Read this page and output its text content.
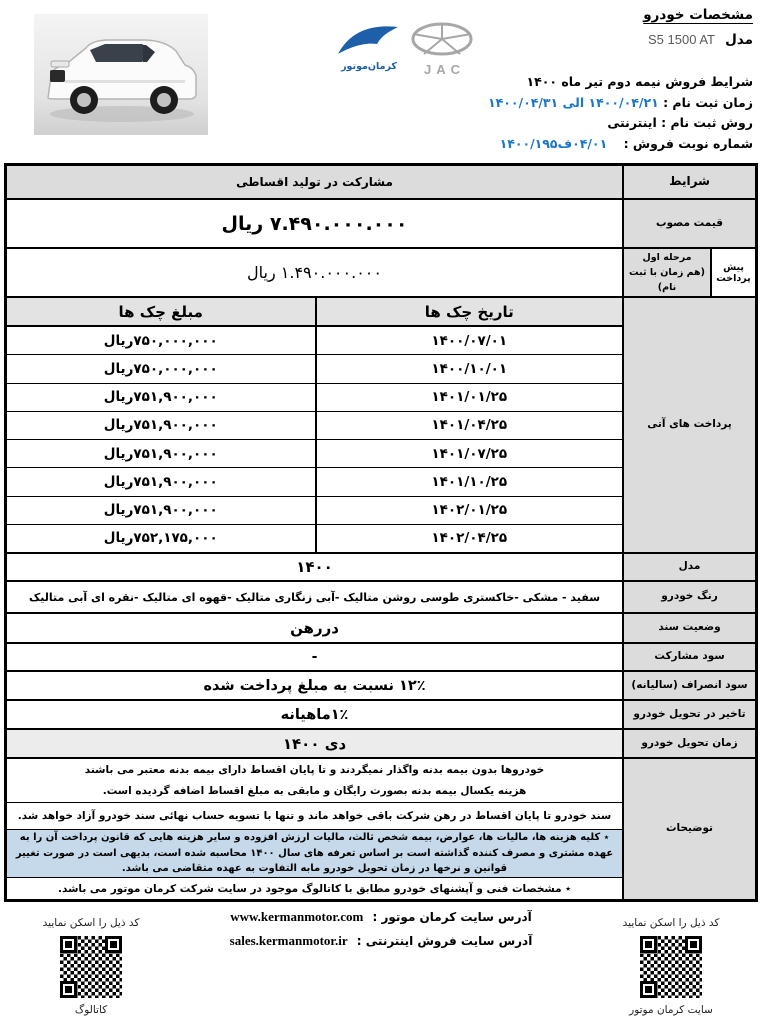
کرمان‌موتور	JAC
مشخصات خودرو
مدل S5 1500 AT
شرایط فروش نیمه دوم تیر ماه ۱۴۰۰
زمان ثبت نام : ۱۴۰۰/۰۴/۲۱ الی ۱۴۰۰/۰۴/۳۱
روش ثبت نام : اینترنتی
شماره نوبت فروش : ۰۴/۰۱ف۱۴۰۰/۱۹۵
شرایط
مشارکت در تولید اقساطی
قیمت مصوب
۷.۴۹۰.۰۰۰.۰۰۰ ریال
پیش پرداخت
مرحله اول
(هم زمان با ثبت نام)
۱.۴۹۰.۰۰۰.۰۰۰ ریال
پرداخت های آتی
تاریخ چک ها
مبلغ چک ها
۱۴۰۰/۰۷/۰۱
۷۵۰,۰۰۰,۰۰۰ریال
۱۴۰۰/۱۰/۰۱
۷۵۰,۰۰۰,۰۰۰ریال
۱۴۰۱/۰۱/۲۵
۷۵۱,۹۰۰,۰۰۰ریال
۱۴۰۱/۰۴/۲۵
۷۵۱,۹۰۰,۰۰۰ریال
۱۴۰۱/۰۷/۲۵
۷۵۱,۹۰۰,۰۰۰ریال
۱۴۰۱/۱۰/۲۵
۷۵۱,۹۰۰,۰۰۰ریال
۱۴۰۲/۰۱/۲۵
۷۵۱,۹۰۰,۰۰۰ریال
۱۴۰۲/۰۴/۲۵
۷۵۲,۱۷۵,۰۰۰ریال
مدل
۱۴۰۰
رنگ خودرو
سفید - مشکی -خاکستری طوسی روشن متالیک -آبی زنگاری متالیک -قهوه ای متالیک -نقره ای آبی متالیک
وضعیت سند
دررهن
سود مشارکت
-
سود انصراف (سالیانه)
۱۲٪ نسبت به مبلغ پرداخت شده
تاخیر در تحویل خودرو
۱٪ماهیانه
زمان تحویل خودرو
دی ۱۴۰۰
توضیحات
خودروها بدون بیمه بدنه واگذار نمیگردند و تا پایان اقساط دارای بیمه بدنه معتبر می باشند
هزینه یکسال بیمه بدنه بصورت رایگان و مابقی به مبلغ اقساط اضافه گردیده است.
سند خودرو تا پایان اقساط در رهن شرکت باقی خواهد ماند و تنها با تسویه حساب نهائی سند خودرو آزاد خواهد شد.
٭ کلیه هزینه ها، مالیات ها، عوارض، بیمه شخص ثالث، مالیات ارزش افزوده و سایر هزینه هایی که قانون پرداخت آن را به عهده مشتری و مصرف کننده گذاشته است بر اساس تعرفه های سال ۱۴۰۰ محاسبه شده است، بدیهی است در صورت تغییر قوانین و نرخها در زمان تحویل خودرو مابه التفاوت به عهده متقاضی می باشد.
٭ مشخصات فنی و آپشنهای خودرو مطابق با کاتالوگ موجود در سایت شرکت کرمان موتور می باشد.
آدرس سایت کرمان موتور : www.kermanmotor.com
آدرس سایت فروش اینترنتی : sales.kermanmotor.ir
کد ذیل را اسکن نمایید
سایت کرمان موتور
کد ذیل را اسکن نمایید
کاتالوگ
